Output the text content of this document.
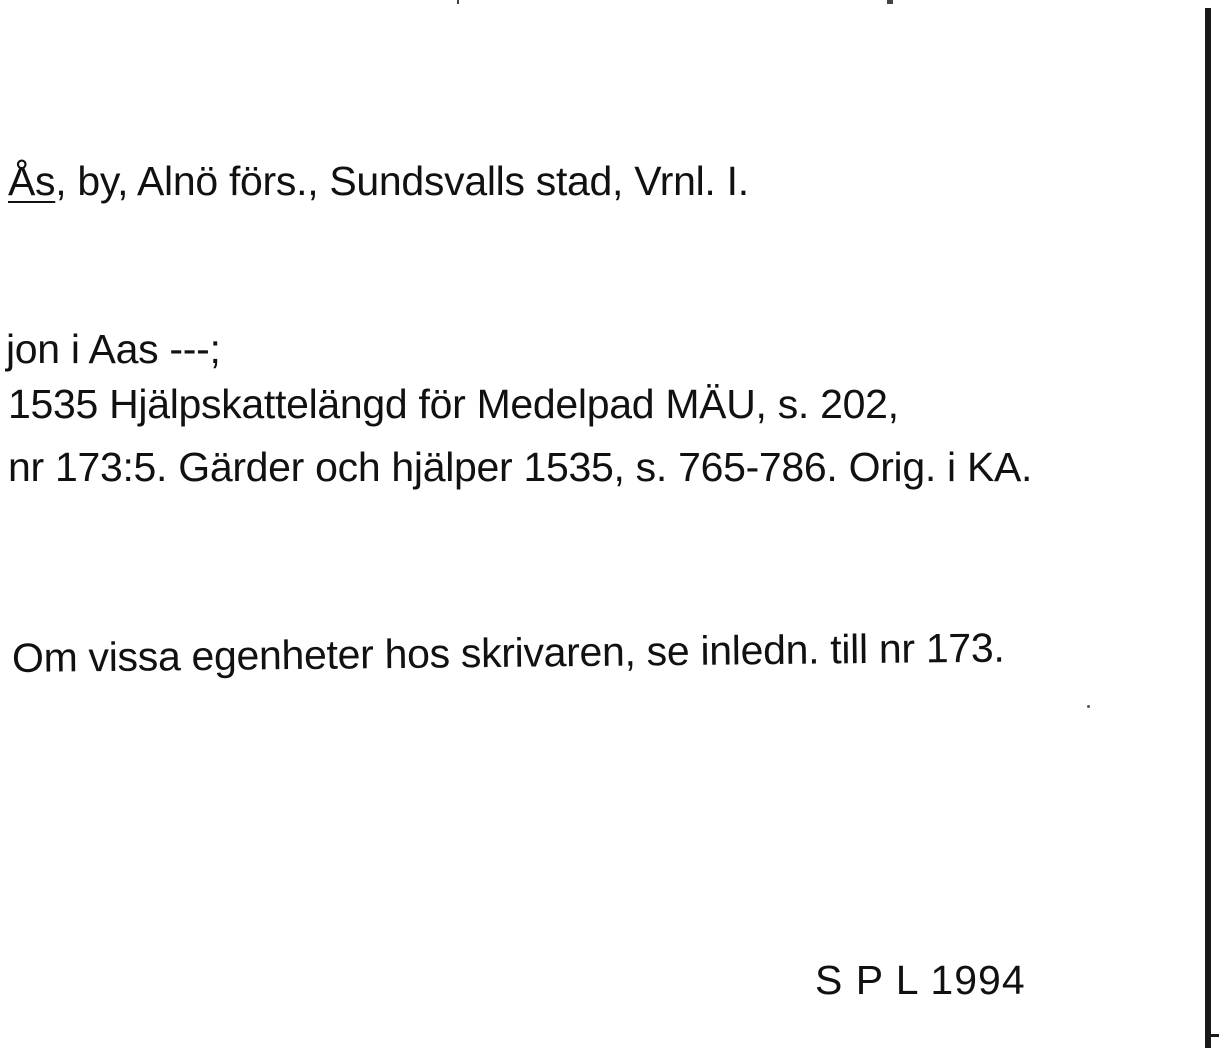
Ås, by, Alnö förs., Sundsvalls stad, Vrnl. I.
jon i Aas ---;
1535 Hjälpskattelängd för Medelpad MÄU, s. 202,
nr 173:5. Gärder och hjälper 1535, s. 765-786. Orig. i KA.
Om vissa egenheter hos skrivaren, se inledn. till nr 173.
S P L 1994
